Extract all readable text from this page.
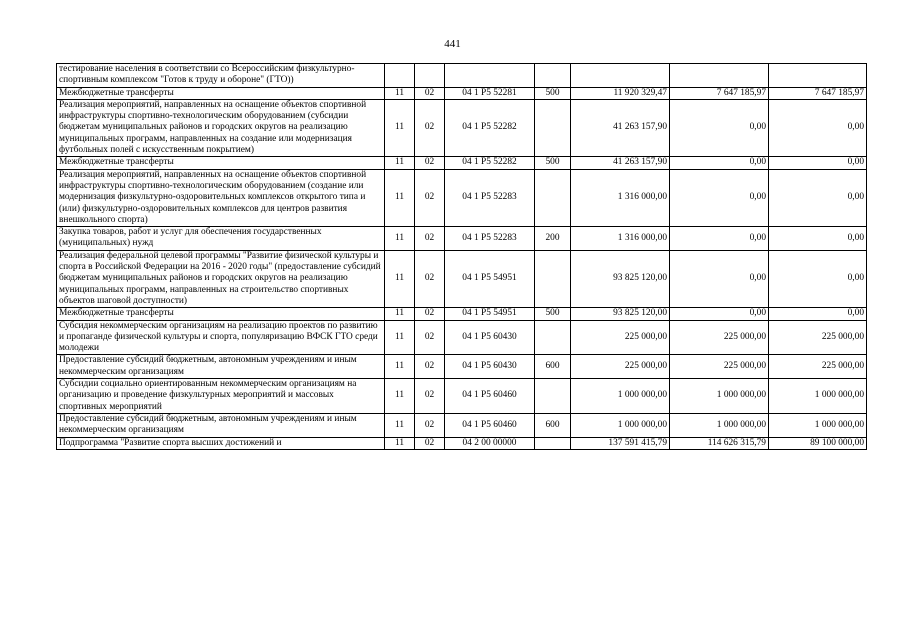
441
тестирование населения в соответствии со Всероссийским физкультурно-спортивным комплексом "Готов к труду и обороне" (ГТО))							
Межбюджетные трансферты	11	02	04 1 P5 52281	500	11 920 329,47	7 647 185,97	7 647 185,97
Реализация мероприятий, направленных на оснащение объектов спортивной инфраструктуры спортивно-технологическим оборудованием (субсидии бюджетам муниципальных районов и городских округов на реализацию муниципальных программ, направленных на создание или модернизация футбольных полей с искусственным покрытием)	11	02	04 1 P5 52282		41 263 157,90	0,00	0,00
Межбюджетные трансферты	11	02	04 1 P5 52282	500	41 263 157,90	0,00	0,00
Реализация мероприятий, направленных на оснащение объектов спортивной инфраструктуры спортивно-технологическим оборудованием (создание или модернизация физкультурно-оздоровительных комплексов открытого типа и (или) физкультурно-оздоровительных комплексов для центров развития внешкольного спорта)	11	02	04 1 P5 52283		1 316 000,00	0,00	0,00
Закупка товаров, работ и услуг для обеспечения государственных (муниципальных) нужд	11	02	04 1 P5 52283	200	1 316 000,00	0,00	0,00
Реализация федеральной целевой программы "Развитие физической культуры и спорта в Российской Федерации на 2016 - 2020 годы" (предоставление субсидий бюджетам муниципальных районов и городских округов на реализацию муниципальных программ, направленных на строительство спортивных объектов шаговой доступности)	11	02	04 1 P5 54951		93 825 120,00	0,00	0,00
Межбюджетные трансферты	11	02	04 1 P5 54951	500	93 825 120,00	0,00	0,00
Субсидия некоммерческим организациям на реализацию проектов по развитию и пропаганде физической культуры и спорта, популяризацию ВФСК ГТО среди молодежи	11	02	04 1 P5 60430		225 000,00	225 000,00	225 000,00
Предоставление субсидий бюджетным, автономным учреждениям и иным некоммерческим организациям	11	02	04 1 P5 60430	600	225 000,00	225 000,00	225 000,00
Субсидии социально ориентированным некоммерческим организациям на организацию и проведение физкультурных мероприятий и массовых спортивных мероприятий	11	02	04 1 P5 60460		1 000 000,00	1 000 000,00	1 000 000,00
Предоставление субсидий бюджетным, автономным учреждениям и иным некоммерческим организациям	11	02	04 1 P5 60460	600	1 000 000,00	1 000 000,00	1 000 000,00
Подпрограмма "Развитие спорта высших достижений и	11	02	04 2 00 00000		137 591 415,79	114 626 315,79	89 100 000,00
